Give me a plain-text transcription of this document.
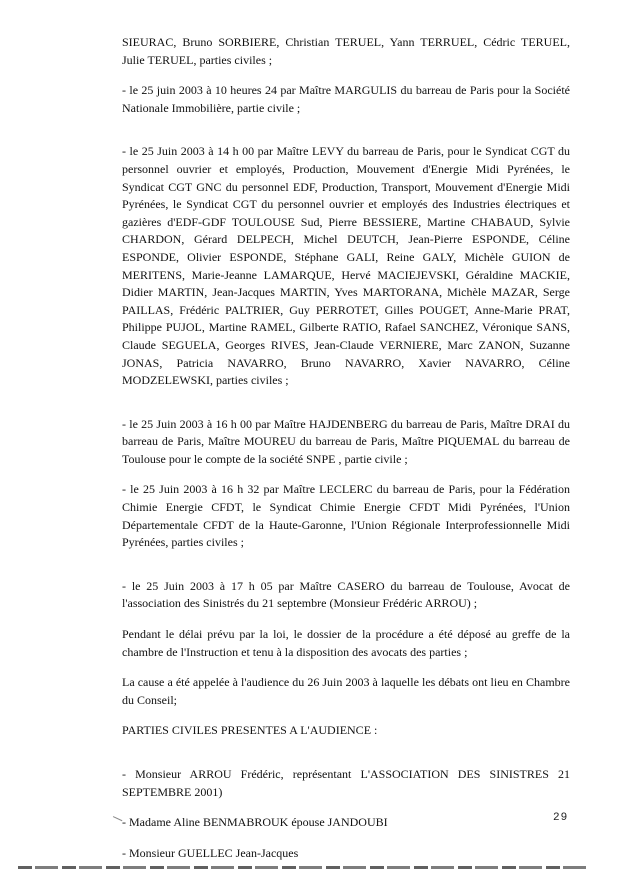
SIEURAC, Bruno SORBIERE, Christian TERUEL, Yann TERRUEL, Cédric TERUEL, Julie TERUEL, parties civiles ;

- le 25 juin 2003 à 10 heures 24 par Maître MARGULIS du barreau de Paris pour la Société Nationale Immobilière, partie civile ;

- le 25 Juin 2003 à 14 h 00 par Maître LEVY du barreau de Paris, pour le Syndicat CGT du personnel ouvrier et employés, Production, Mouvement d'Energie Midi Pyrénées, le Syndicat CGT GNC du personnel EDF, Production, Transport, Mouvement d'Energie Midi Pyrénées, le Syndicat CGT du personnel ouvrier et employés des Industries électriques et gazières d'EDF-GDF TOULOUSE Sud, Pierre BESSIERE, Martine CHABAUD, Sylvie CHARDON, Gérard DELPECH, Michel DEUTCH, Jean-Pierre ESPONDE, Céline ESPONDE, Olivier ESPONDE, Stéphane GALI, Reine GALY, Michèle GUION de MERITENS, Marie-Jeanne LAMARQUE, Hervé MACIEJEVSKI, Géraldine MACKIE, Didier MARTIN, Jean-Jacques MARTIN, Yves MARTORANA, Michèle MAZAR, Serge PAILLAS, Frédéric PALTRIER, Guy PERROTET, Gilles POUGET, Anne-Marie PRAT, Philippe PUJOL, Martine RAMEL, Gilberte RATIO, Rafael SANCHEZ, Véronique SANS, Claude SEGUELA, Georges RIVES, Jean-Claude VERNIERE, Marc ZANON, Suzanne JONAS, Patricia NAVARRO, Bruno NAVARRO, Xavier NAVARRO, Céline MODZELEWSKI, parties civiles ;

- le 25 Juin 2003 à 16 h 00 par Maître HAJDENBERG du barreau de Paris, Maître DRAI du barreau de Paris, Maître MOUREU du barreau de Paris, Maître PIQUEMAL du barreau de Toulouse pour le compte de la société SNPE , partie civile ;

- le 25 Juin 2003 à 16 h 32 par Maître LECLERC du barreau de Paris, pour la Fédération Chimie Energie CFDT, le Syndicat Chimie Energie CFDT Midi Pyrénées, l'Union Départementale CFDT de la Haute-Garonne, l'Union Régionale Interprofessionnelle Midi Pyrénées, parties civiles ;

- le 25 Juin 2003 à 17 h 05 par Maître CASERO du barreau de Toulouse, Avocat de l'association des Sinistrés du 21 septembre (Monsieur Frédéric ARROU) ;

Pendant le délai prévu par la loi, le dossier de la procédure a été déposé au greffe de la chambre de l'Instruction et tenu à la disposition des avocats des parties ;

La cause a été appelée à l'audience du 26 Juin 2003 à laquelle les débats ont lieu en Chambre du Conseil;

PARTIES CIVILES PRESENTES A L'AUDIENCE :

- Monsieur ARROU Frédéric, représentant L'ASSOCIATION DES SINISTRES 21 SEPTEMBRE 2001)

- Madame Aline BENMABROUK épouse JANDOUBI

- Monsieur GUELLEC Jean-Jacques

29
